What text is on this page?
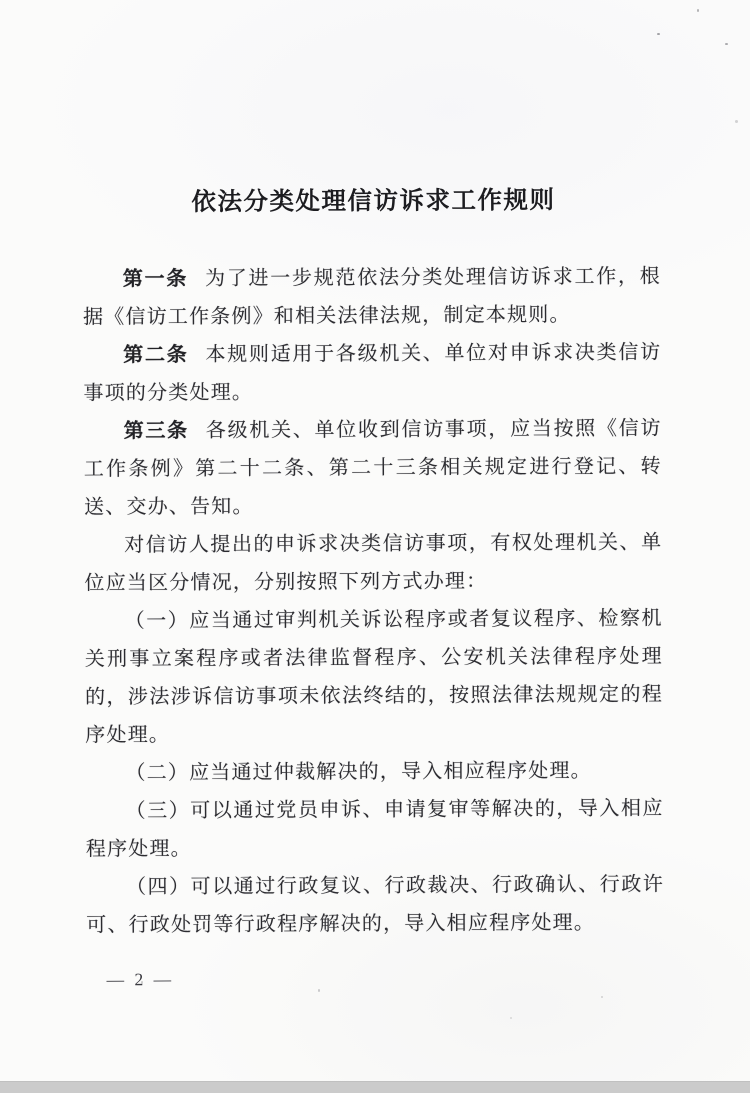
依法分类处理信访诉求工作规则

第一条 为了进一步规范依法分类处理信访诉求工作，根据《信访工作条例》和相关法律法规，制定本规则。

第二条 本规则适用于各级机关、单位对申诉求决类信访事项的分类处理。

第三条 各级机关、单位收到信访事项，应当按照《信访工作条例》第二十二条、第二十三条相关规定进行登记、转送、交办、告知。

对信访人提出的申诉求决类信访事项，有权处理机关、单位应当区分情况，分别按照下列方式办理：

（一）应当通过审判机关诉讼程序或者复议程序、检察机关刑事立案程序或者法律监督程序、公安机关法律程序处理的，涉法涉诉信访事项未依法终结的，按照法律法规规定的程序处理。

（二）应当通过仲裁解决的，导入相应程序处理。

（三）可以通过党员申诉、申请复审等解决的，导入相应程序处理。

（四）可以通过行政复议、行政裁决、行政确认、行政许可、行政处罚等行政程序解决的，导入相应程序处理。

— 2 —
